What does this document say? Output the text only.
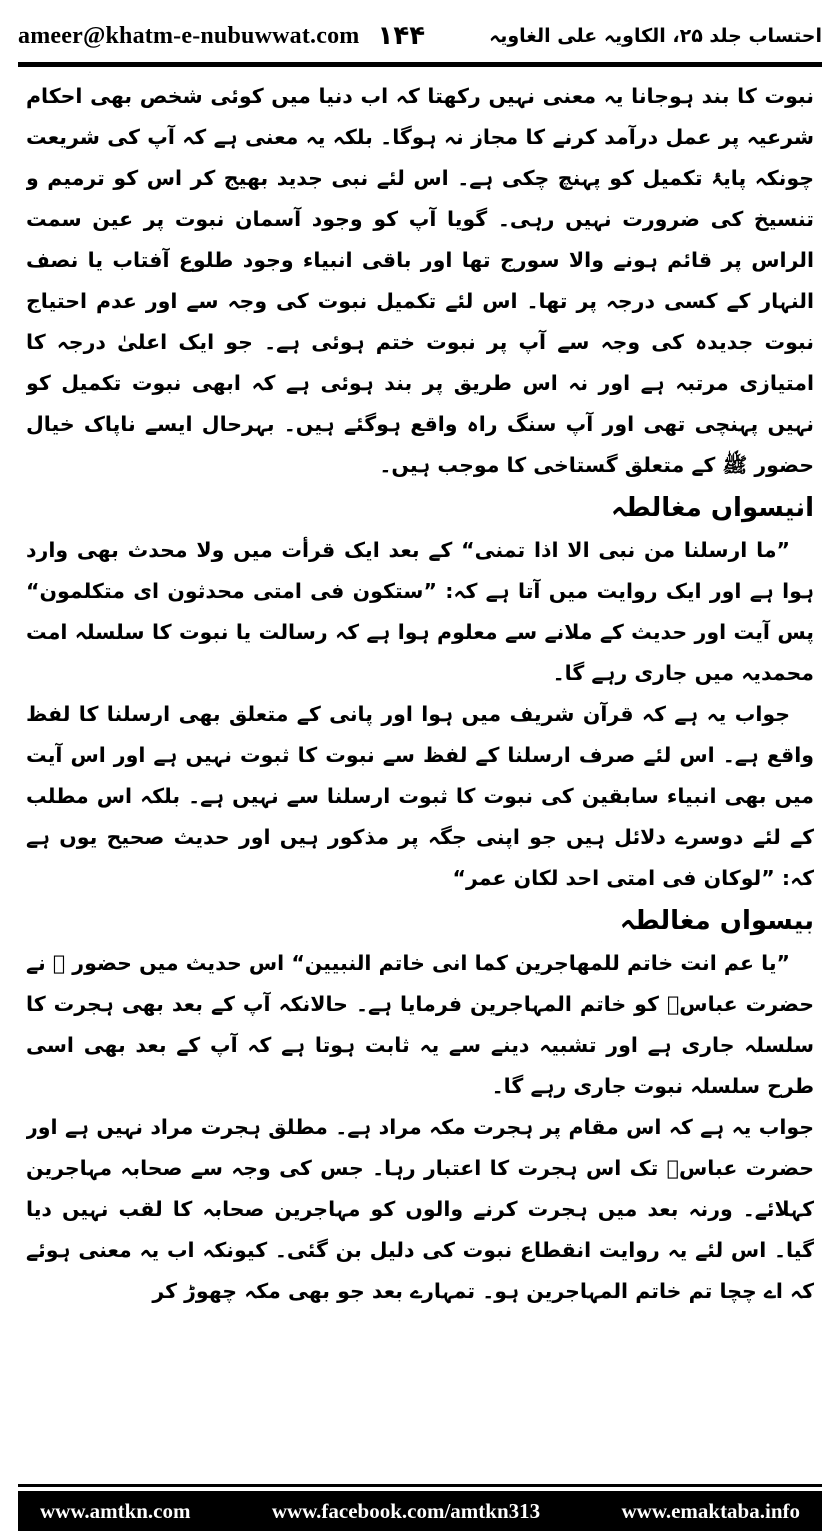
ameer@khatm-e-nubuwwat.com ۱۴۴	احتساب جلد ۲۵، الکاویہ علی الغاویہ

نبوت کا بند ہوجانا یہ معنی نہیں رکھتا کہ اب دنیا میں کوئی شخص بھی احکام شرعیہ پر عمل درآمد کرنے کا مجاز نہ ہوگا۔ بلکہ یہ معنی ہے کہ آپ کی شریعت چونکہ پایۂ تکمیل کو پہنچ چکی ہے۔ اس لئے نبی جدید بھیج کر اس کو ترمیم و تنسیخ کی ضرورت نہیں رہی۔ گویا آپ کو وجود آسمان نبوت پر عین سمت الراس پر قائم ہونے والا سورج تھا اور باقی انبیاء وجود طلوع آفتاب یا نصف النہار کے کسی درجہ پر تھا۔ اس لئے تکمیل نبوت کی وجہ سے اور عدم احتیاج نبوت جدیدہ کی وجہ سے آپ پر نبوت ختم ہوئی ہے۔ جو ایک اعلیٰ درجہ کا امتیازی مرتبہ ہے اور نہ اس طریق پر بند ہوئی ہے کہ ابھی نبوت تکمیل کو نہیں پہنچی تھی اور آپ سنگ راہ واقع ہوگئے ہیں۔ بہرحال ایسے ناپاک خیال حضور ﷺ کے متعلق گستاخی کا موجب ہیں۔

انیسواں مغالطہ

”ما ارسلنا من نبی الا اذا تمنی“ کے بعد ایک قرأت میں ولا محدث بھی وارد ہوا ہے اور ایک روایت میں آتا ہے کہ: ”ستکون فی امتی محدثون ای متکلمون“ پس آیت اور حدیث کے ملانے سے معلوم ہوا ہے کہ رسالت یا نبوت کا سلسلہ امت محمدیہ میں جاری رہے گا۔

جواب یہ ہے کہ قرآن شریف میں ہوا اور پانی کے متعلق بھی ارسلنا کا لفظ واقع ہے۔ اس لئے صرف ارسلنا کے لفظ سے نبوت کا ثبوت نہیں ہے اور اس آیت میں بھی انبیاء سابقین کی نبوت کا ثبوت ارسلنا سے نہیں ہے۔ بلکہ اس مطلب کے لئے دوسرے دلائل ہیں جو اپنی جگہ پر مذکور ہیں اور حدیث صحیح یوں ہے کہ: ”لوکان فی امتی احد لکان عمر“

بیسواں مغالطہ

”یا عم انت خاتم للمهاجرین کما انی خاتم النبیین“ اس حدیث میں حضور ﷺ نے حضرت عباسؓ کو خاتم المہاجرین فرمایا ہے۔ حالانکہ آپ کے بعد بھی ہجرت کا سلسلہ جاری ہے اور تشبیہ دینے سے یہ ثابت ہوتا ہے کہ آپ کے بعد بھی اسی طرح سلسلہ نبوت جاری رہے گا۔

جواب یہ ہے کہ اس مقام پر ہجرت مکہ مراد ہے۔ مطلق ہجرت مراد نہیں ہے اور حضرت عباسؓ تک اس ہجرت کا اعتبار رہا۔ جس کی وجہ سے صحابہ مہاجرین کہلائے۔ ورنہ بعد میں ہجرت کرنے والوں کو مہاجرین صحابہ کا لقب نہیں دیا گیا۔ اس لئے یہ روایت انقطاع نبوت کی دلیل بن گئی۔ کیونکہ اب یہ معنی ہوئے کہ اے چچا تم خاتم المہاجرین ہو۔ تمہارے بعد جو بھی مکہ چھوڑ کر

www.amtkn.com	www.facebook.com/amtkn313	www.emaktaba.info
